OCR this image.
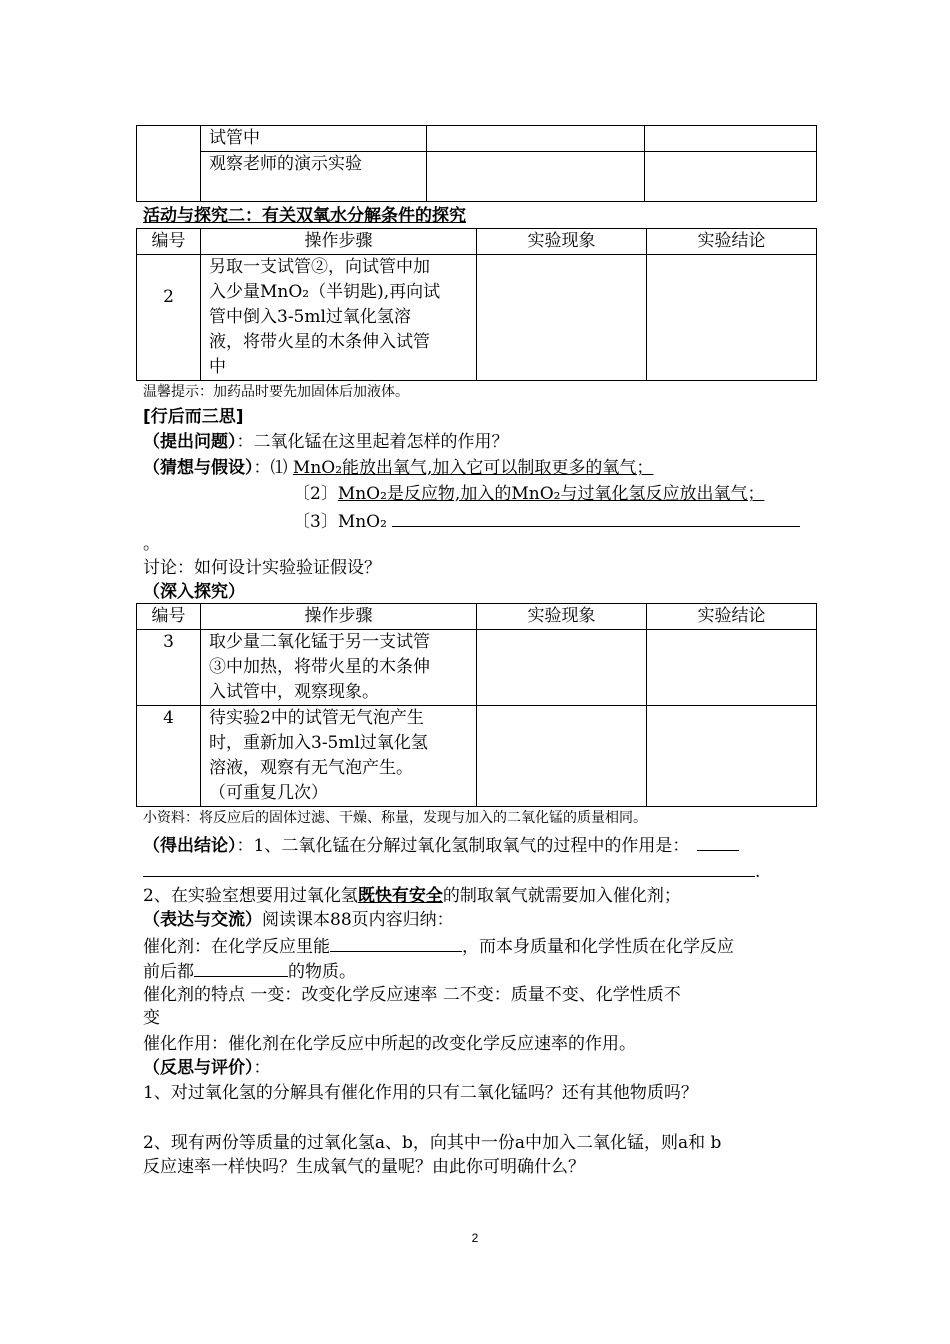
	试管中		
	观察老师的演示实验		
活动与探究二：有关双氧水分解条件的探究
编号	操作步骤	实验现象	实验结论
2	另取一支试管②，向试管中加
入少量MnO₂（半钥匙),再向试
管中倒入3-5ml过氧化氢溶
液，将带火星的木条伸入试管
中		

温馨提示：加药品时要先加固体后加液体。
[行后而三思]
（提出问题）：二氧化锰在这里起着怎样的作用？
（猜想与假设）：⑴ MnO₂能放出氧气,加入它可以制取更多的氧气；
〔2〕MnO₂是反应物,加入的MnO₂与过氧化氢反应放出氧气；
〔3〕MnO₂
。
讨论：如何设计实验验证假设？
（深入探究）
编号	操作步骤	实验现象	实验结论
3	取少量二氧化锰于另一支试管
③中加热，将带火星的木条伸
入试管中，观察现象。		

4	待实验2中的试管无气泡产生
时，重新加入3-5ml过氧化氢
溶液，观察有无气泡产生。
（可重复几次）		

小资料：将反应后的固体过滤、干燥、称量，发现与加入的二氧化锰的质量相同。
（得出结论）：1、二氧化锰在分解过氧化氢制取氧气的过程中的作用是：
.
2、在实验室想要用过氧化氢既快有安全的制取氧气就需要加入催化剂；
（表达与交流）阅读课本88页内容归纳：
催化剂：在化学反应里能	，而本身质量和化学性质在化学反应
前后都	的物质。
催化剂的特点 一变：改变化学反应速率 二不变：质量不变、化学性质不
变
催化作用：催化剂在化学反应中所起的改变化学反应速率的作用。
（反思与评价）：
1、对过氧化氢的分解具有催化作用的只有二氧化锰吗？还有其他物质吗？
2、现有两份等质量的过氧化氢a、b，向其中一份a中加入二氧化锰，则a和 b
反应速率一样快吗？生成氧气的量呢？由此你可明确什么？
2
